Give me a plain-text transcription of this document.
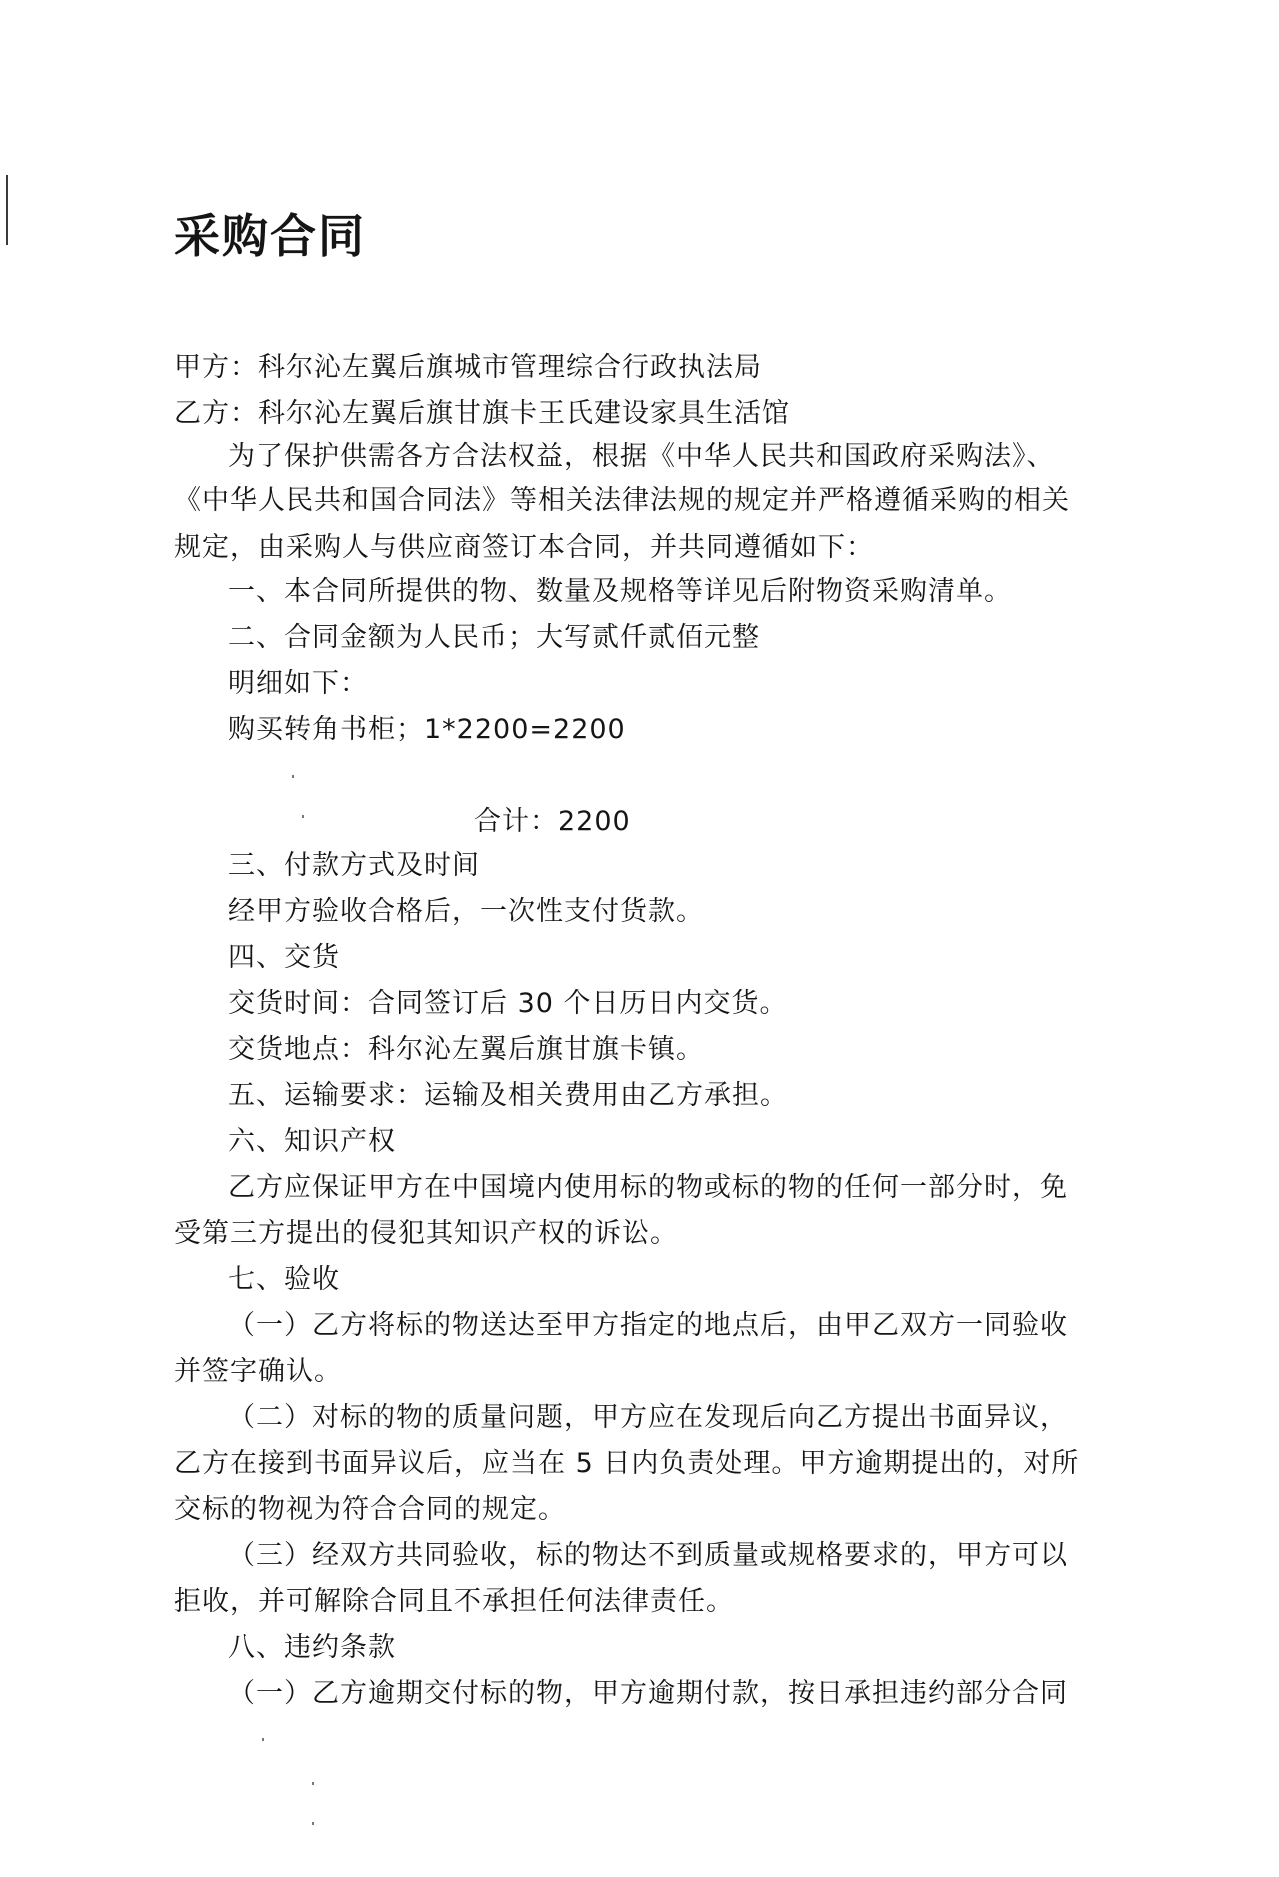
采购合同
甲方：科尔沁左翼后旗城市管理综合行政执法局
乙方：科尔沁左翼后旗甘旗卡王氏建设家具生活馆
为了保护供需各方合法权益，根据《中华人民共和国政府采购法》、
《中华人民共和国合同法》等相关法律法规的规定并严格遵循采购的相关
规定，由采购人与供应商签订本合同，并共同遵循如下：
一、本合同所提供的物、数量及规格等详见后附物资采购清单。
二、合同金额为人民币；大写贰仟贰佰元整
明细如下：
购买转角书柜；1*2200=2200
合计：2200
三、付款方式及时间
经甲方验收合格后，一次性支付货款。
四、交货
交货时间：合同签订后 30 个日历日内交货。
交货地点：科尔沁左翼后旗甘旗卡镇。
五、运输要求：运输及相关费用由乙方承担。
六、知识产权
乙方应保证甲方在中国境内使用标的物或标的物的任何一部分时，免
受第三方提出的侵犯其知识产权的诉讼。
七、验收
（一）乙方将标的物送达至甲方指定的地点后，由甲乙双方一同验收
并签字确认。
（二）对标的物的质量问题，甲方应在发现后向乙方提出书面异议，
乙方在接到书面异议后，应当在 5 日内负责处理。甲方逾期提出的，对所
交标的物视为符合合同的规定。
（三）经双方共同验收，标的物达不到质量或规格要求的，甲方可以
拒收，并可解除合同且不承担任何法律责任。
八、违约条款
（一）乙方逾期交付标的物，甲方逾期付款，按日承担违约部分合同
